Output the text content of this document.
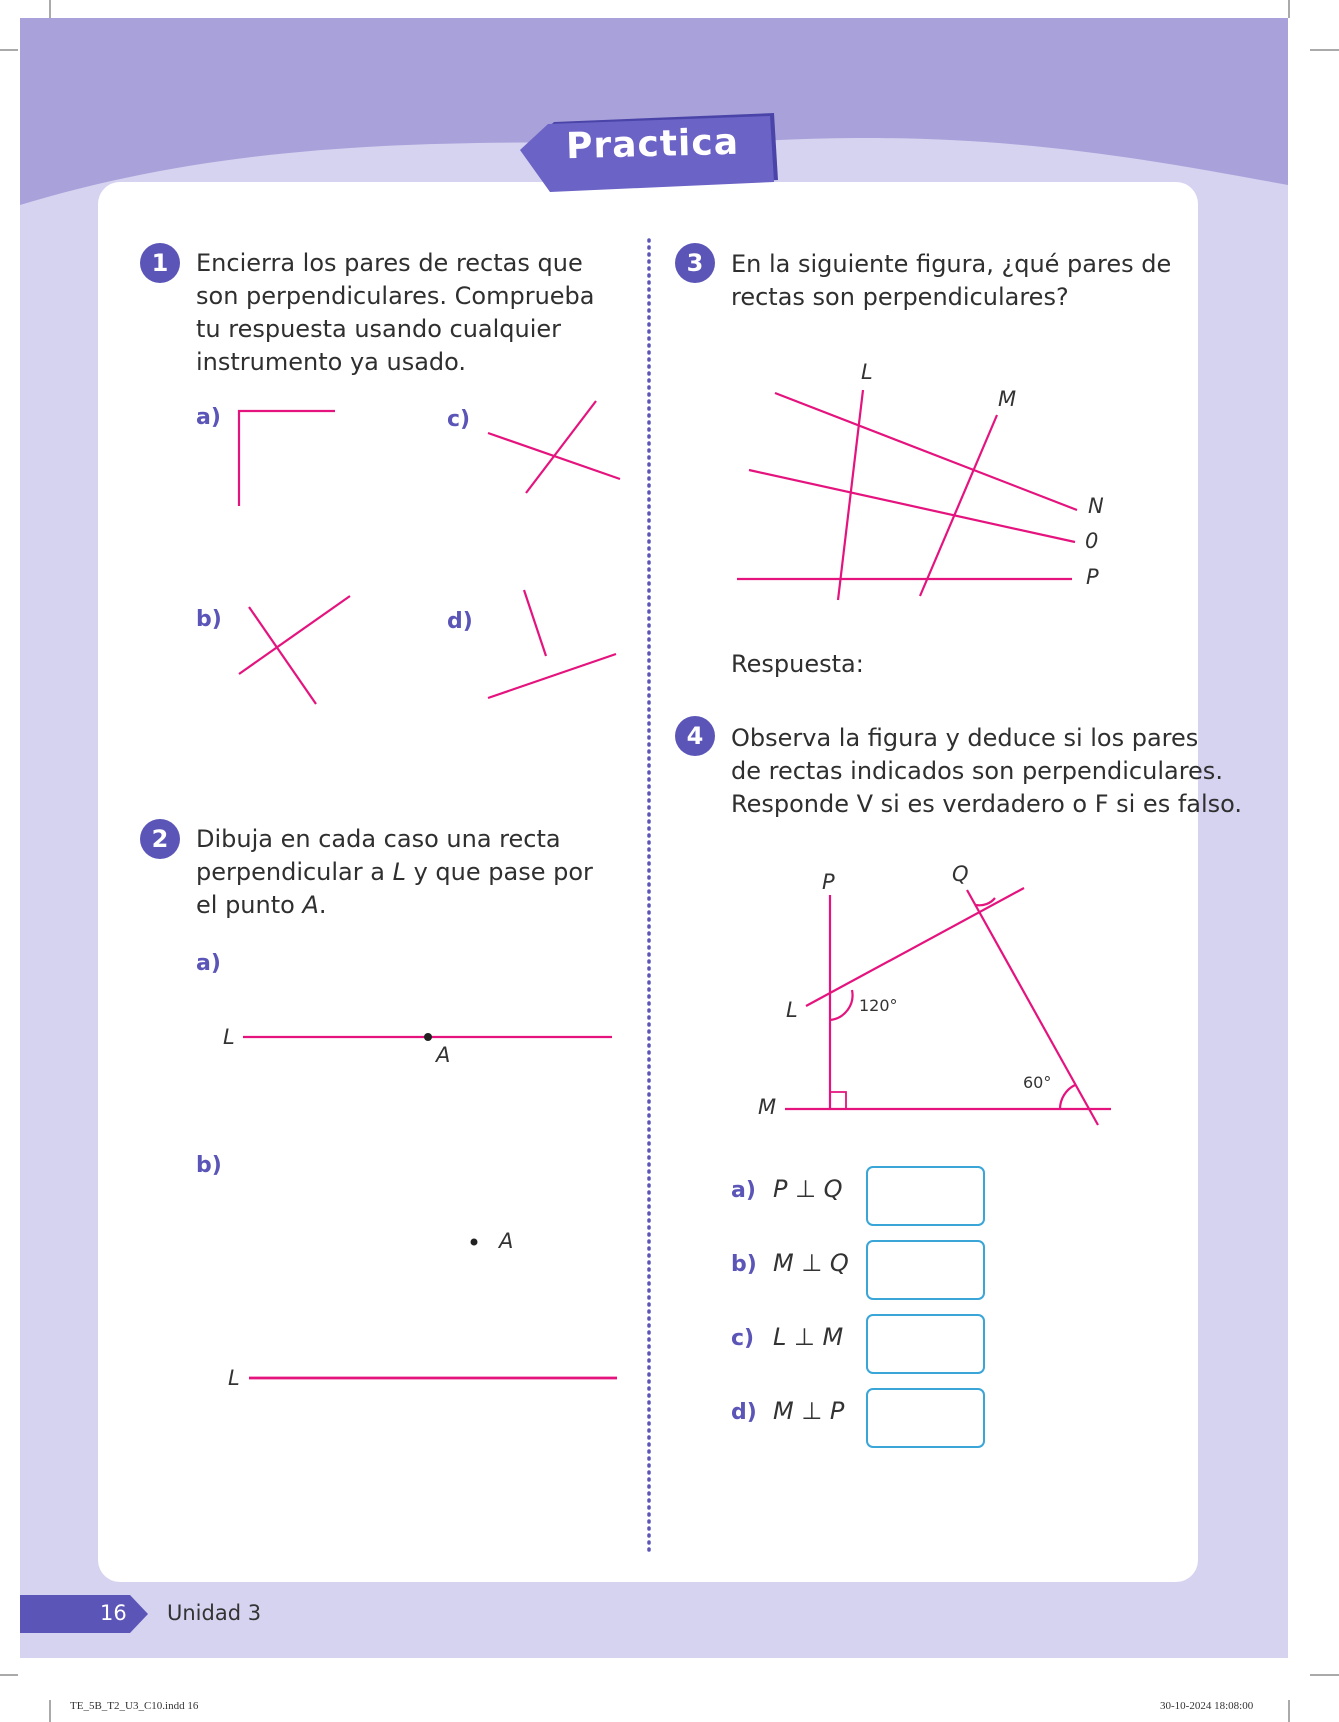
Practica
1	Encierra los pares de rectas que
son perpendiculares. Comprueba
tu respuesta usando cualquier
instrumento ya usado.
a)	c)
b)	d)
2	Dibuja en cada caso una recta
perpendicular a L y que pase por
el punto A.
a)
b)
L
A
A
L
3	En la siguiente figura, ¿qué pares de
rectas son perpendiculares?
L
M
N
0
P
Respuesta:
4	Observa la figura y deduce si los pares
de rectas indicados son perpendiculares.
Responde V si es verdadero o F si es falso.
P	Q
L
M
120°
60°
a) P ⊥ Q
b) M ⊥ Q
c) L ⊥ M
d) M ⊥ P
16 Unidad 3
TE_5B_T2_U3_C10.indd 16	30-10-2024 18:08:00
